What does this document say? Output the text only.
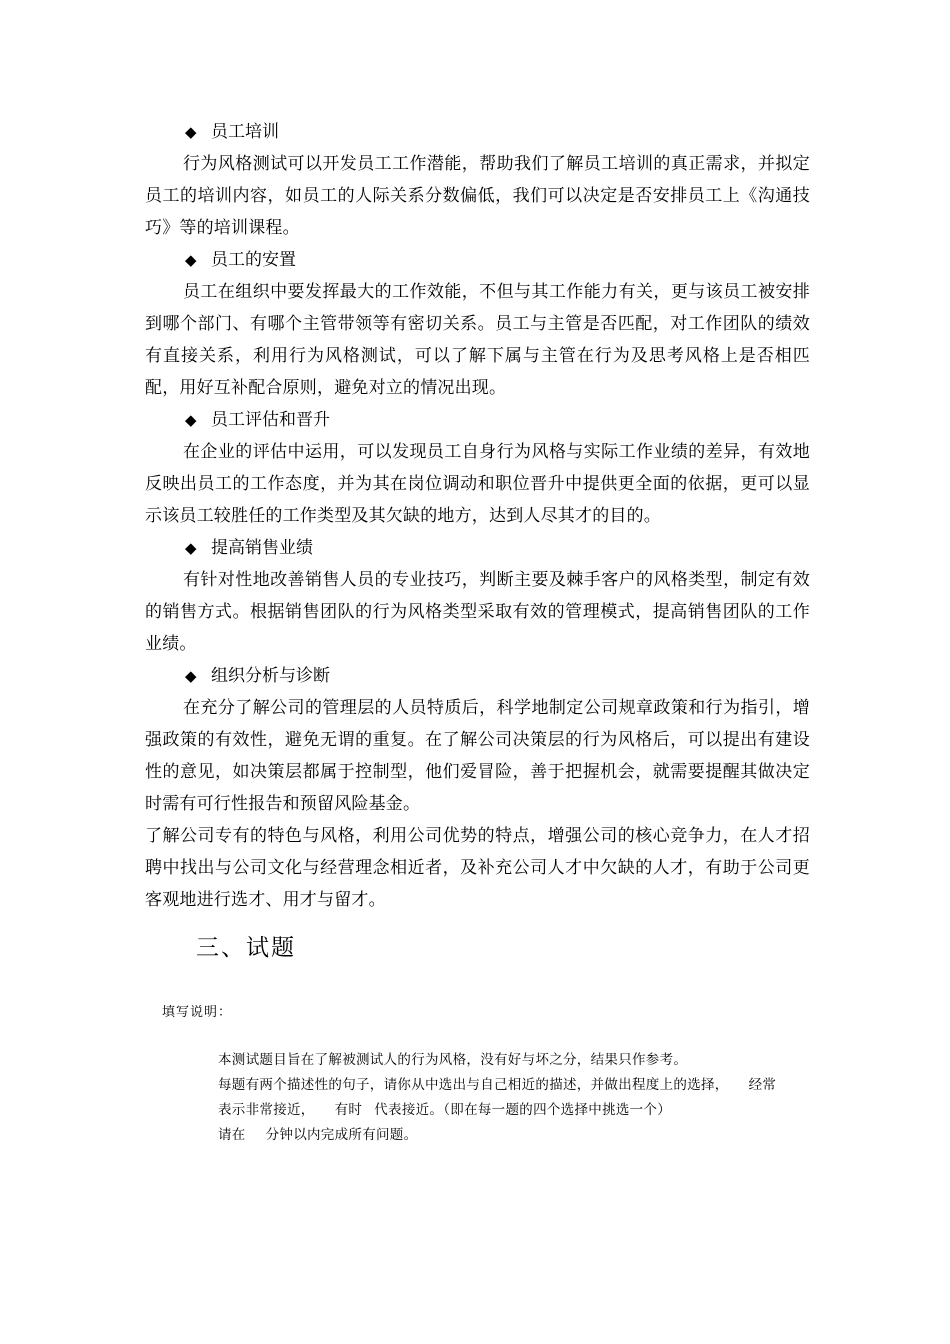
◆ 员工培训
行为风格测试可以开发员工工作潜能，帮助我们了解员工培训的真正需求，并拟定员工的培训内容，如员工的人际关系分数偏低，我们可以决定是否安排员工上《沟通技巧》等的培训课程。
◆ 员工的安置
员工在组织中要发挥最大的工作效能，不但与其工作能力有关，更与该员工被安排到哪个部门、有哪个主管带领等有密切关系。员工与主管是否匹配，对工作团队的绩效有直接关系，利用行为风格测试，可以了解下属与主管在行为及思考风格上是否相匹配，用好互补配合原则，避免对立的情况出现。
◆ 员工评估和晋升
在企业的评估中运用，可以发现员工自身行为风格与实际工作业绩的差异，有效地反映出员工的工作态度，并为其在岗位调动和职位晋升中提供更全面的依据，更可以显示该员工较胜任的工作类型及其欠缺的地方，达到人尽其才的目的。
◆ 提高销售业绩
有针对性地改善销售人员的专业技巧，判断主要及棘手客户的风格类型，制定有效的销售方式。根据销售团队的行为风格类型采取有效的管理模式，提高销售团队的工作业绩。
◆ 组织分析与诊断
在充分了解公司的管理层的人员特质后，科学地制定公司规章政策和行为指引，增强政策的有效性，避免无谓的重复。在了解公司决策层的行为风格后，可以提出有建设性的意见，如决策层都属于控制型，他们爱冒险，善于把握机会，就需要提醒其做决定时需有可行性报告和预留风险基金。
了解公司专有的特色与风格，利用公司优势的特点，增强公司的核心竞争力，在人才招聘中找出与公司文化与经营理念相近者，及补充公司人才中欠缺的人才，有助于公司更客观地进行选才、用才与留才。
三、试题
填写说明：
本测试题目旨在了解被测试人的行为风格，没有好与坏之分，结果只作参考。
每题有两个描述性的句子，请你从中选出与自己相近的描述，并做出程度上的选择， 经常
表示非常接近， 有时 代表接近。（即在每一题的四个选择中挑选一个）
请在 分钟以内完成所有问题。
